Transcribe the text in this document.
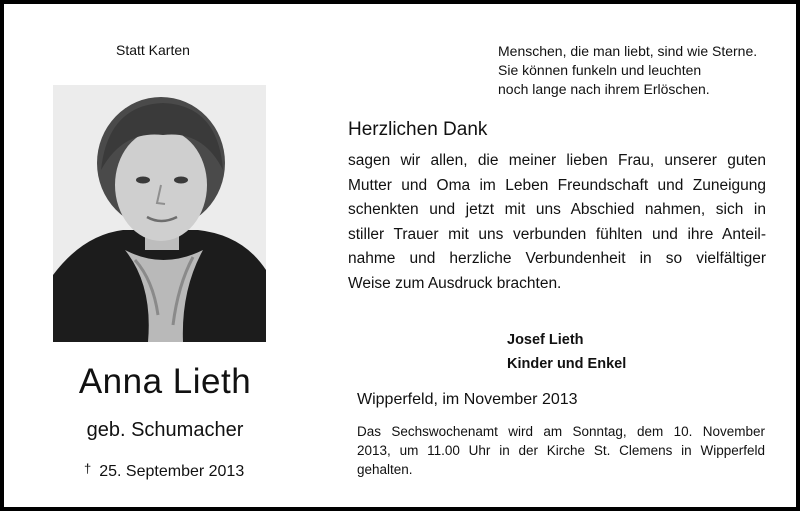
Statt Karten
Anna Lieth
geb. Schumacher
† 25. September 2013
Menschen, die man liebt, sind wie Sterne.
Sie können funkeln und leuchten
noch lange nach ihrem Erlöschen.
Herzlichen Dank
sagen wir allen, die meiner lieben Frau, unserer guten
Mutter und Oma im Leben Freundschaft und Zuneigung
schenkten und jetzt mit uns Abschied nahmen, sich in
stiller Trauer mit uns verbunden fühlten und ihre Anteil-
nahme und herzliche Verbundenheit in so vielfältiger
Weise zum Ausdruck brachten.
Josef Lieth
Kinder und Enkel
Wipperfeld, im November 2013
Das Sechswochenamt wird am Sonntag, dem 10. November
2013, um 11.00 Uhr in der Kirche St. Clemens in Wipperfeld
gehalten.
